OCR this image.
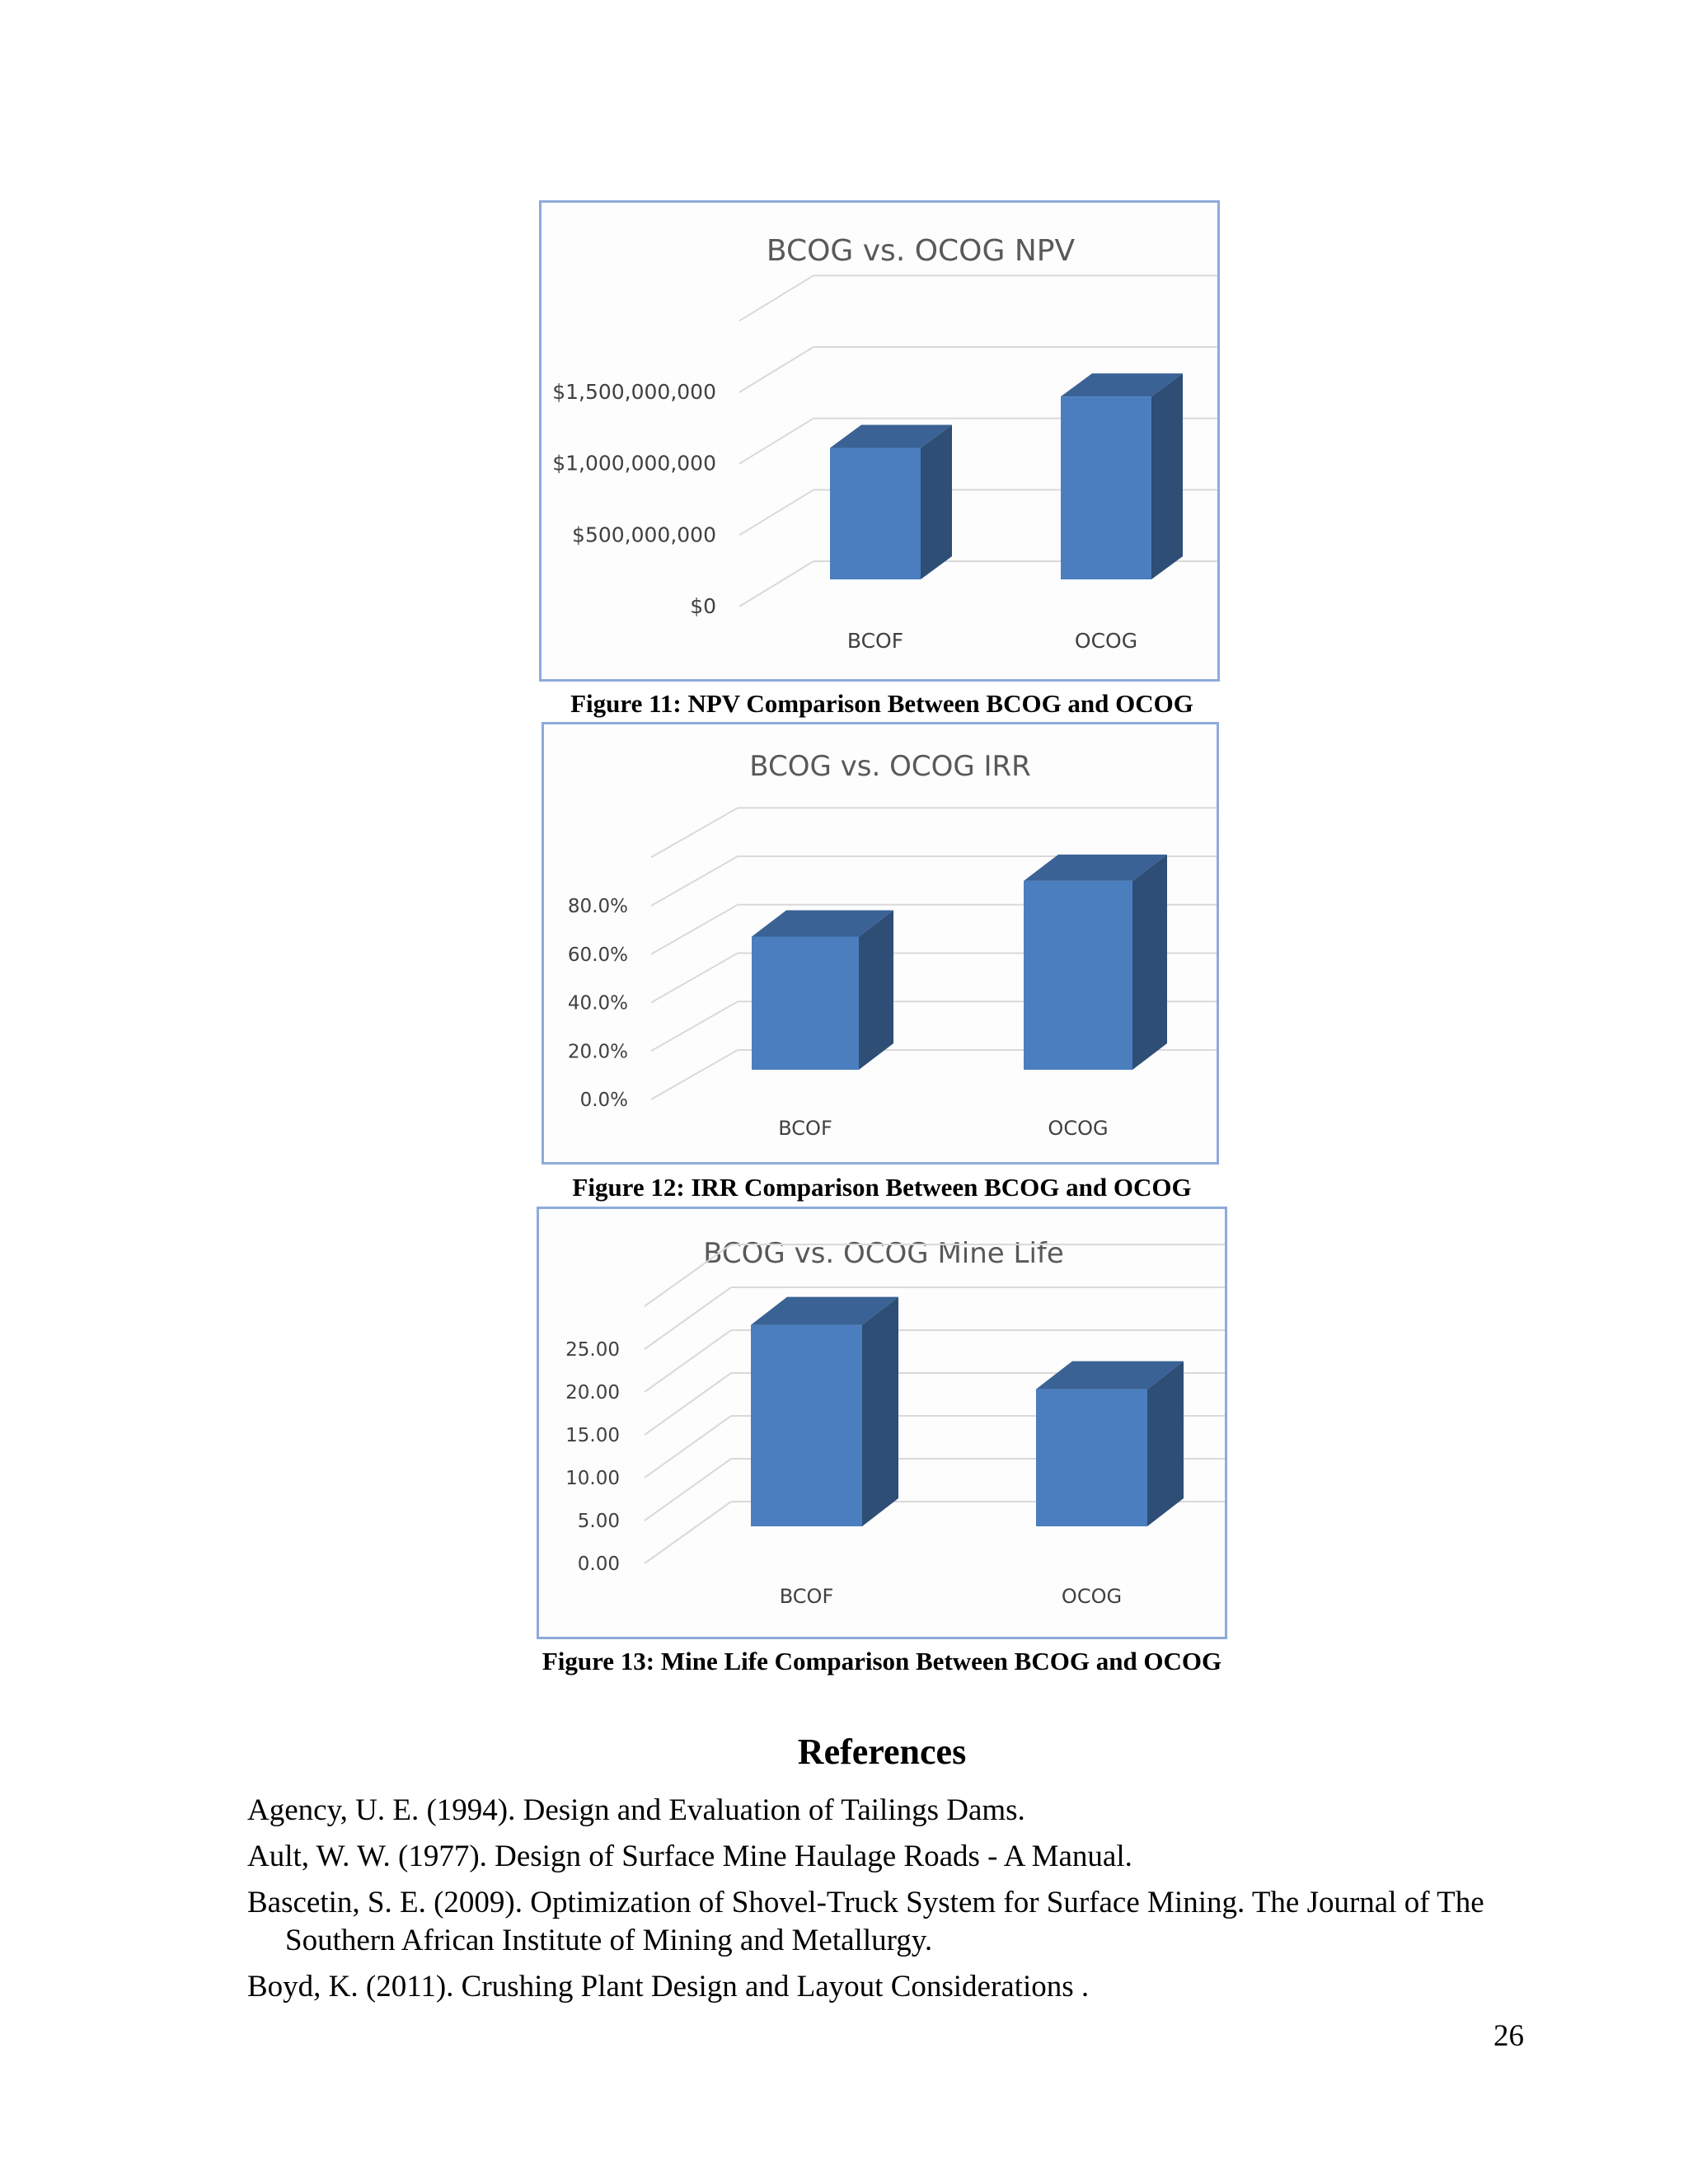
BCOG vs. OCOG NPV
$0
$500,000,000
$1,000,000,000
$1,500,000,000
BCOF	OCOG
Figure 11: NPV Comparison Between BCOG and OCOG
BCOG vs. OCOG IRR
0.0%
20.0%
40.0%
60.0%
80.0%
BCOF	OCOG
Figure 12: IRR Comparison Between BCOG and OCOG
BCOG vs. OCOG Mine Life
0.00
5.00
10.00
15.00
20.00
25.00
BCOF	OCOG
Figure 13: Mine Life Comparison Between BCOG and OCOG
References
Agency, U. E. (1994). Design and Evaluation of Tailings Dams.
Ault, W. W. (1977). Design of Surface Mine Haulage Roads - A Manual.
Bascetin, S. E. (2009). Optimization of Shovel-Truck System for Surface Mining. The Journal of The Southern African Institute of Mining and Metallurgy.
Boyd, K. (2011). Crushing Plant Design and Layout Considerations .
26
